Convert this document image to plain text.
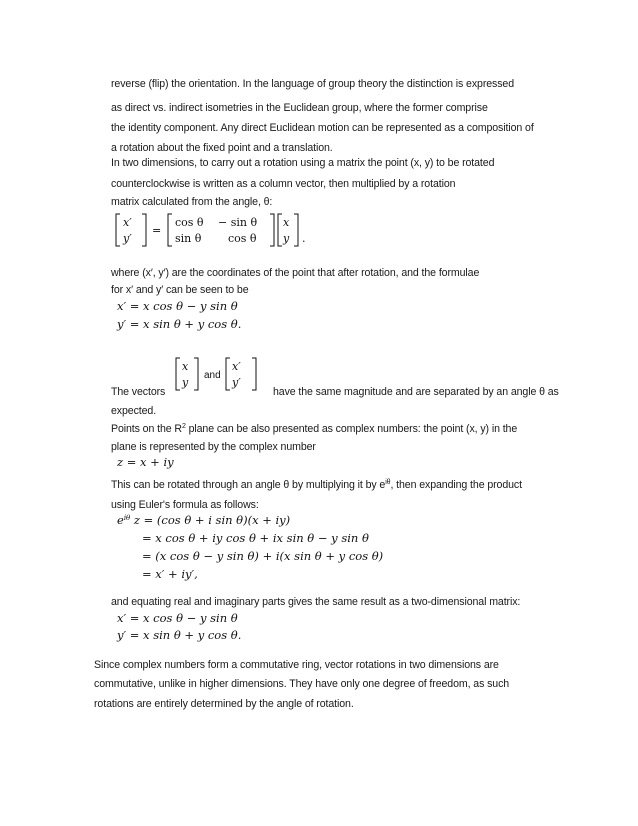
reverse (flip) the orientation. In the language of group theory the distinction is expressed
as direct vs. indirect isometries in the Euclidean group, where the former comprise
the identity component. Any direct Euclidean motion can be represented as a composition of
a rotation about the fixed point and a translation.
In two dimensions, to carry out a rotation using a matrix the point (x, y) to be rotated
counterclockwise is written as a column vector, then multiplied by a rotation
matrix calculated from the angle, θ:
x′
y′
=
cos θ − sin θ
sin θ cos θ
x
y .
where (x′, y′) are the coordinates of the point that after rotation, and the formulae
for x′ and y′ can be seen to be
x′ = x cos θ − y sin θ
y′ = x sin θ + y cos θ.
x
y
and
x′
y′
The vectors	have the same magnitude and are separated by an angle θ as
expected.
Points on the $R^2$ plane can be also presented as complex numbers: the point (x, y) in the
plane is represented by the complex number
z = x + iy
This can be rotated through an angle θ by multiplying it by $e^{i\theta}$, then expanding the product
using Euler's formula as follows:
$e^{i\theta}$ z = (cos θ + i sin θ)(x + iy)
= x cos θ + iy cos θ + ix sin θ − y sin θ
= (x cos θ − y sin θ) + i(x sin θ + y cos θ)
= x′ + iy′,
and equating real and imaginary parts gives the same result as a two-dimensional matrix:
x′ = x cos θ − y sin θ
y′ = x sin θ + y cos θ.
Since complex numbers form a commutative ring, vector rotations in two dimensions are
commutative, unlike in higher dimensions. They have only one degree of freedom, as such
rotations are entirely determined by the angle of rotation.
